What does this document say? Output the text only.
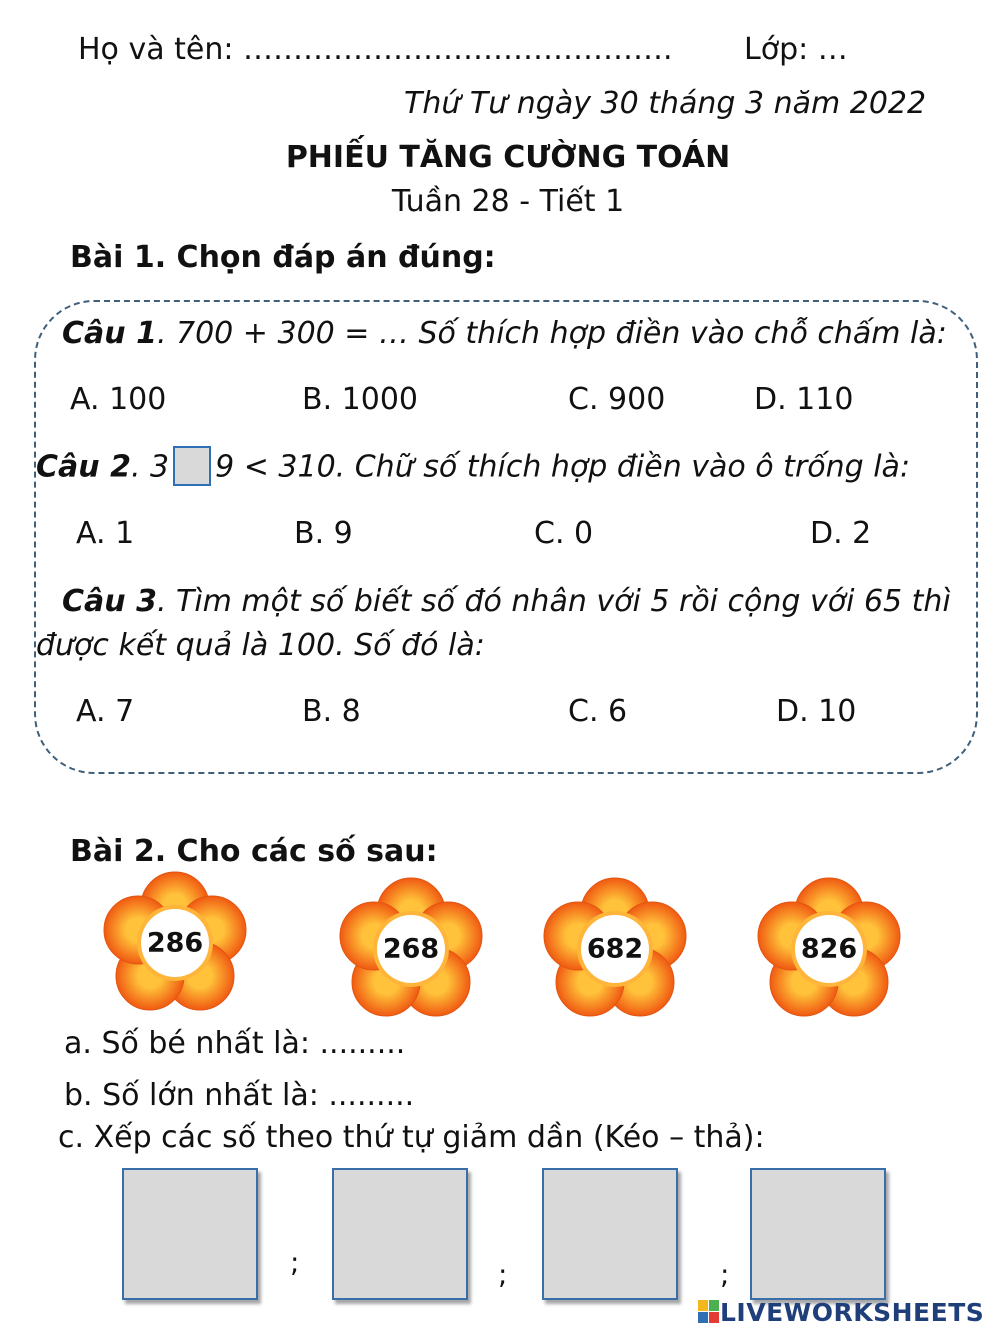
Họ và tên: ……………………………………. Lớp: …
Thứ Tư ngày 30 tháng 3 năm 2022
PHIẾU TĂNG CƯỜNG TOÁN
Tuần 28 - Tiết 1
Bài 1. Chọn đáp án đúng:
Câu 1. 700 + 300 = … Số thích hợp điền vào chỗ chấm là:
A. 100	B. 1000	C. 900	D. 110
Câu 2. 3 9 < 310. Chữ số thích hợp điền vào ô trống là:
A. 1	B. 9	C. 0	D. 2
Câu 3. Tìm một số biết số đó nhân với 5 rồi cộng với 65 thì
được kết quả là 100. Số đó là:
A. 7	B. 8	C. 6	D. 10
Bài 2. Cho các số sau:
286	268	682	826
a. Số bé nhất là: .........
b. Số lớn nhất là: .........
c. Xếp các số theo thứ tự giảm dần (Kéo – thả):
;	;	;
LIVEWORKSHEETS
